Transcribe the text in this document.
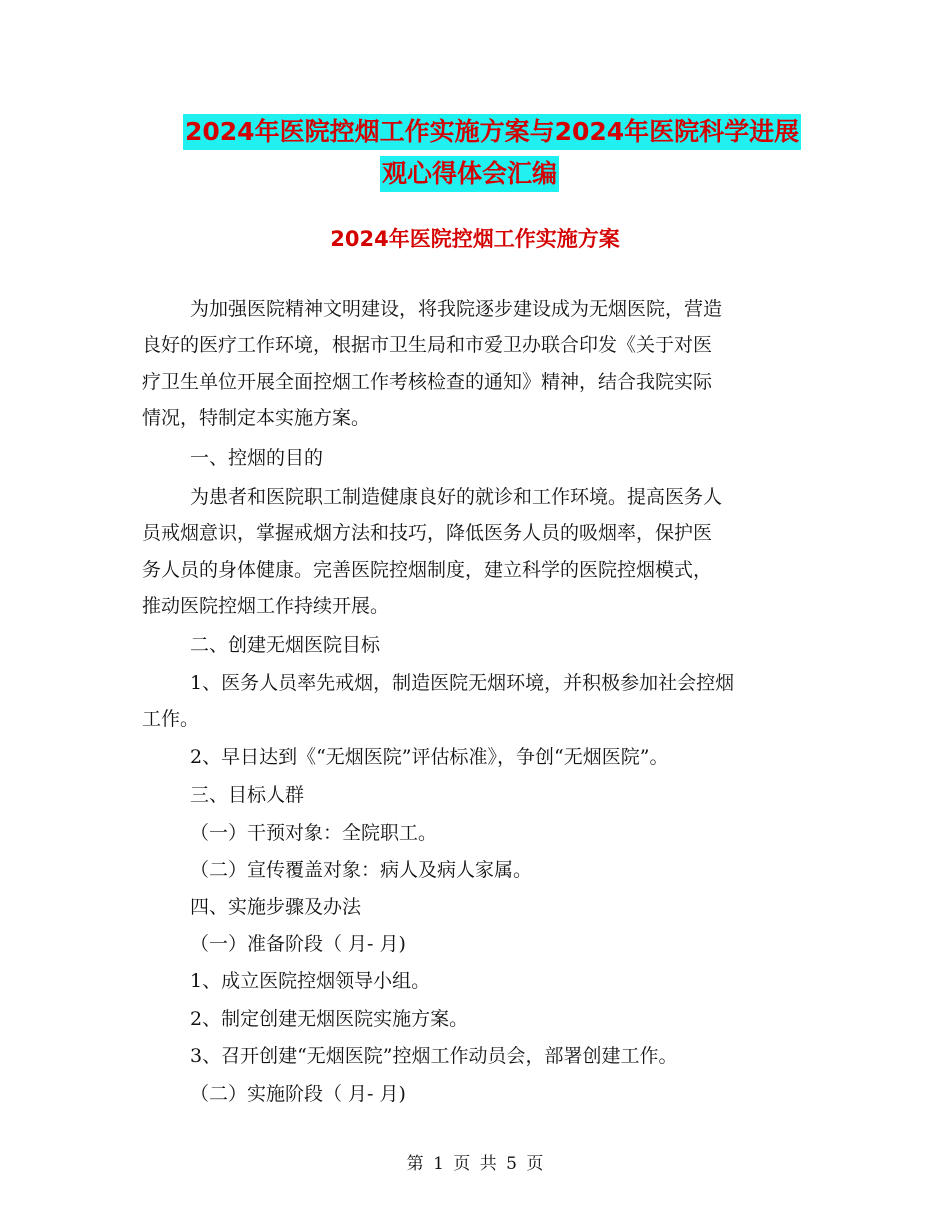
2024年医院控烟工作实施方案与2024年医院科学进展
观心得体会汇编
2024年医院控烟工作实施方案

为加强医院精神文明建设，将我院逐步建设成为无烟医院，营造

良好的医疗工作环境，根据市卫生局和市爱卫办联合印发《关于对医

疗卫生单位开展全面控烟工作考核检查的通知》精神，结合我院实际

情况，特制定本实施方案。

一、控烟的目的

为患者和医院职工制造健康良好的就诊和工作环境。提高医务人

员戒烟意识，掌握戒烟方法和技巧，降低医务人员的吸烟率，保护医

务人员的身体健康。完善医院控烟制度，建立科学的医院控烟模式，

推动医院控烟工作持续开展。

二、创建无烟医院目标

1、医务人员率先戒烟，制造医院无烟环境，并积极参加社会控烟

工作。

2、早日达到《“无烟医院”评估标准》，争创“无烟医院”。

三、目标人群

（一）干预对象：全院职工。

（二）宣传覆盖对象：病人及病人家属。

四、实施步骤及办法

（一）准备阶段（ 月- 月)

1、成立医院控烟领导小组。

2、制定创建无烟医院实施方案。

3、召开创建“无烟医院”控烟工作动员会，部署创建工作。

（二）实施阶段（ 月- 月)

第 1 页 共 5 页
